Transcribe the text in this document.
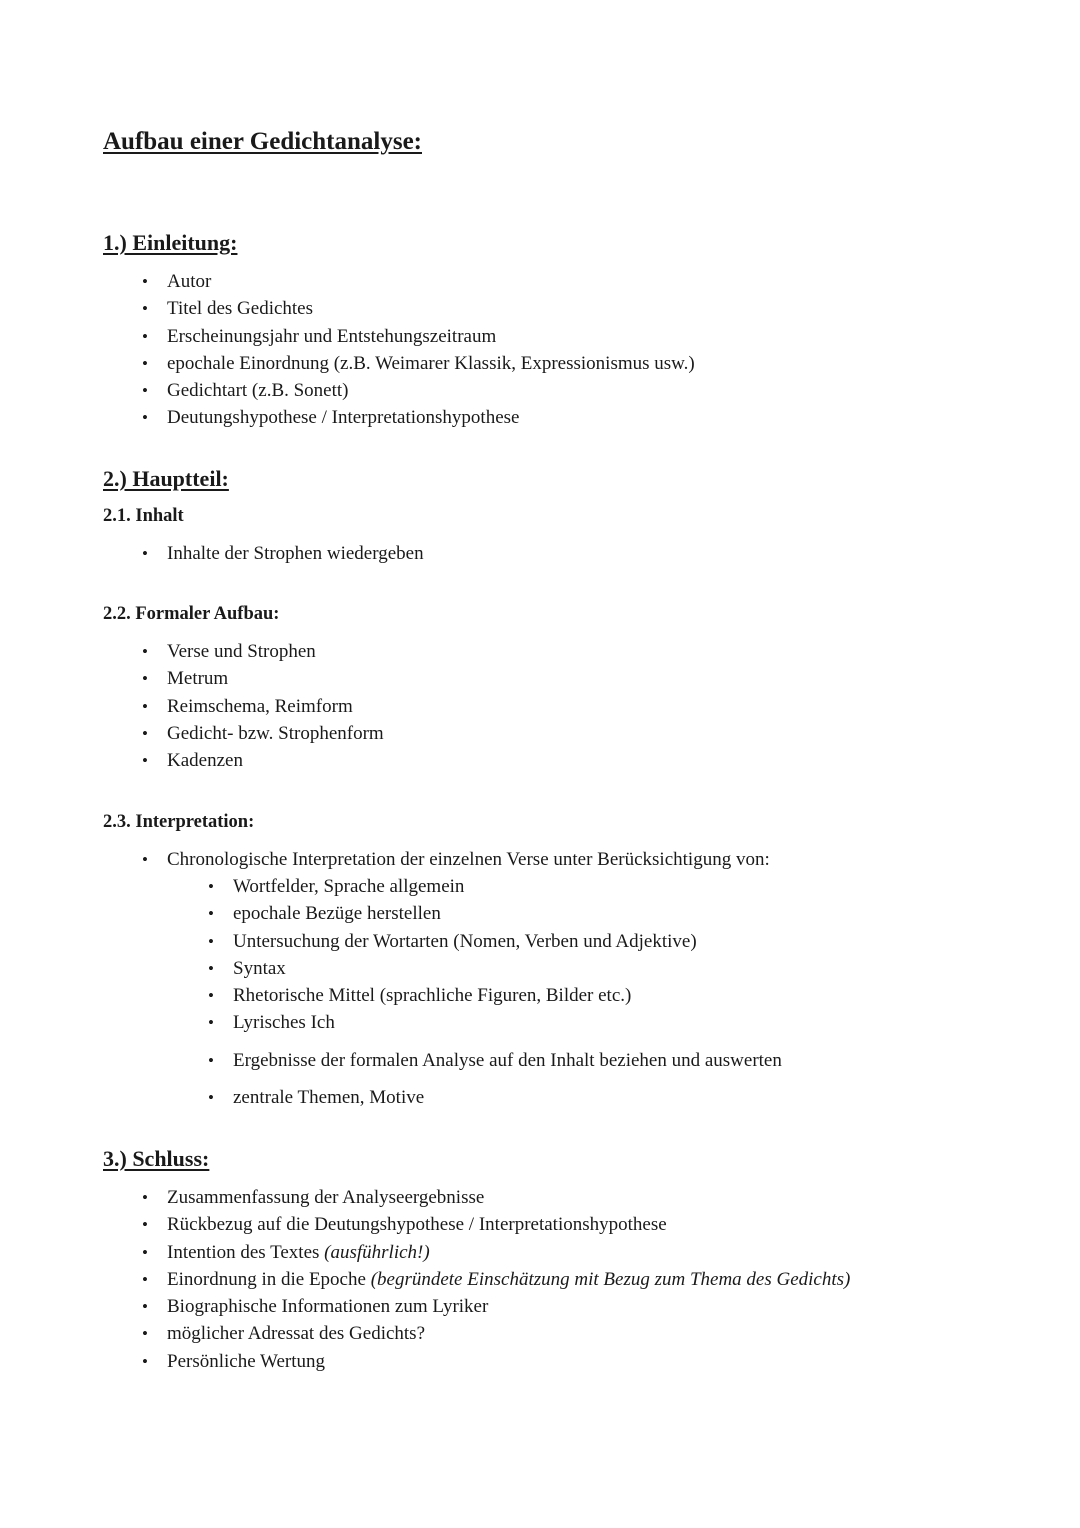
Aufbau einer Gedichtanalyse:
1.) Einleitung:
• Autor
• Titel des Gedichtes
• Erscheinungsjahr und Entstehungszeitraum
• epochale Einordnung (z.B. Weimarer Klassik, Expressionismus usw.)
• Gedichtart (z.B. Sonett)
• Deutungshypothese / Interpretationshypothese
2.) Hauptteil:
2.1. Inhalt
• Inhalte der Strophen wiedergeben
2.2. Formaler Aufbau:
• Verse und Strophen
• Metrum
• Reimschema, Reimform
• Gedicht- bzw. Strophenform
• Kadenzen
2.3. Interpretation:
• Chronologische Interpretation der einzelnen Verse unter Berücksichtigung von:
• Wortfelder, Sprache allgemein
• epochale Bezüge herstellen
• Untersuchung der Wortarten (Nomen, Verben und Adjektive)
• Syntax
• Rhetorische Mittel (sprachliche Figuren, Bilder etc.)
• Lyrisches Ich
• Ergebnisse der formalen Analyse auf den Inhalt beziehen und auswerten
• zentrale Themen, Motive
3.) Schluss:
• Zusammenfassung der Analyseergebnisse
• Rückbezug auf die Deutungshypothese / Interpretationshypothese
• Intention des Textes (ausführlich!)
• Einordnung in die Epoche (begründete Einschätzung mit Bezug zum Thema des Gedichts)
• Biographische Informationen zum Lyriker
• möglicher Adressat des Gedichts?
• Persönliche Wertung
